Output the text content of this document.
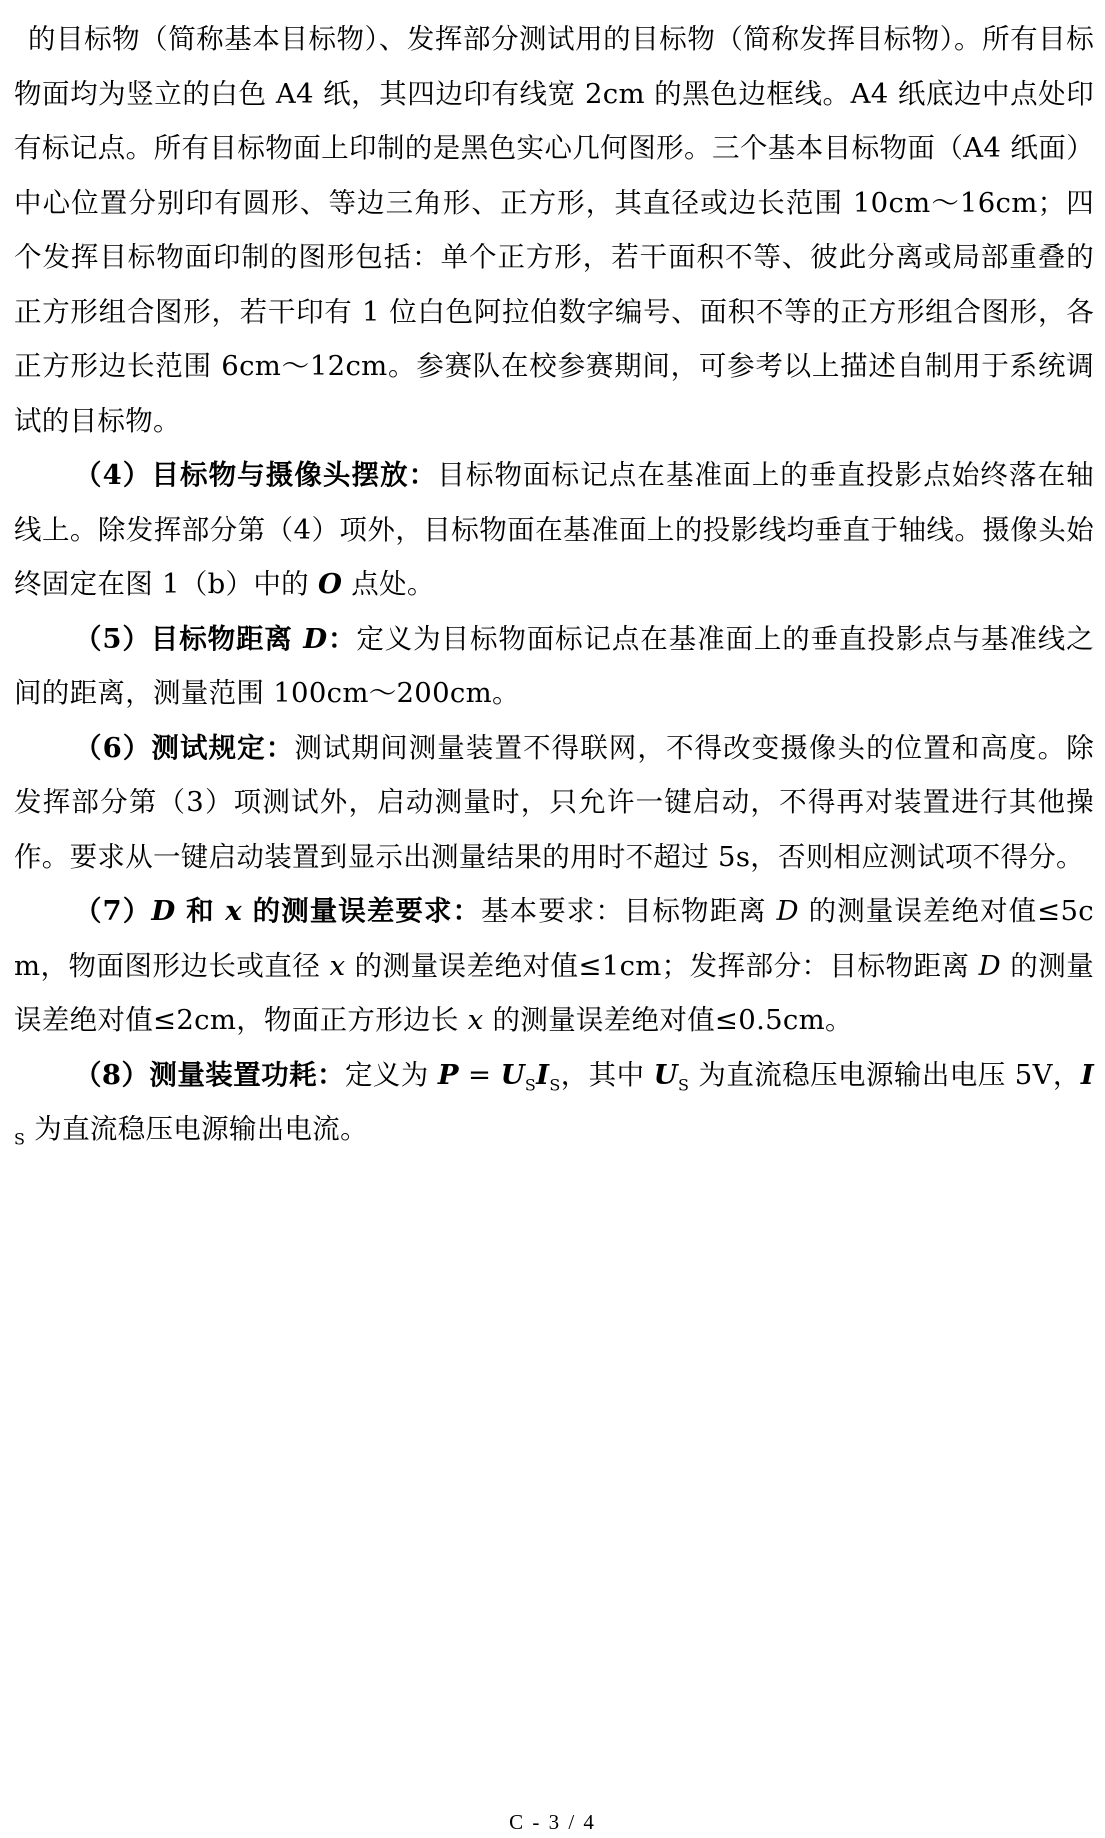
的目标物（简称基本目标物）、发挥部分测试用的目标物（简称发挥目标物）。所有目标物面均为竖立的白色 A4 纸，其四边印有线宽 2cm 的黑色边框线。A4 纸底边中点处印有标记点。所有目标物面上印制的是黑色实心几何图形。三个基本目标物面（A4 纸面）中心位置分别印有圆形、等边三角形、正方形，其直径或边长范围 10cm～16cm；四个发挥目标物面印制的图形包括：单个正方形，若干面积不等、彼此分离或局部重叠的正方形组合图形，若干印有 1 位白色阿拉伯数字编号、面积不等的正方形组合图形，各正方形边长范围 6cm～12cm。参赛队在校参赛期间，可参考以上描述自制用于系统调试的目标物。

（4）目标物与摄像头摆放：目标物面标记点在基准面上的垂直投影点始终落在轴线上。除发挥部分第（4）项外，目标物面在基准面上的投影线均垂直于轴线。摄像头始终固定在图 1（b）中的 O 点处。

（5）目标物距离 D：定义为目标物面标记点在基准面上的垂直投影点与基准线之间的距离，测量范围 100cm～200cm。

（6）测试规定：测试期间测量装置不得联网，不得改变摄像头的位置和高度。除发挥部分第（3）项测试外，启动测量时，只允许一键启动，不得再对装置进行其他操作。要求从一键启动装置到显示出测量结果的用时不超过 5s，否则相应测试项不得分。

（7）D 和 x 的测量误差要求：基本要求：目标物距离 D 的测量误差绝对值≤5cm，物面图形边长或直径 x 的测量误差绝对值≤1cm；发挥部分：目标物距离 D 的测量误差绝对值≤2cm，物面正方形边长 x 的测量误差绝对值≤0.5cm。

（8）测量装置功耗：定义为 $P = U_SI_S$，其中 $U_S$ 为直流稳压电源输出电压 5V，$I_S$ 为直流稳压电源输出电流。

C - 3 / 4
